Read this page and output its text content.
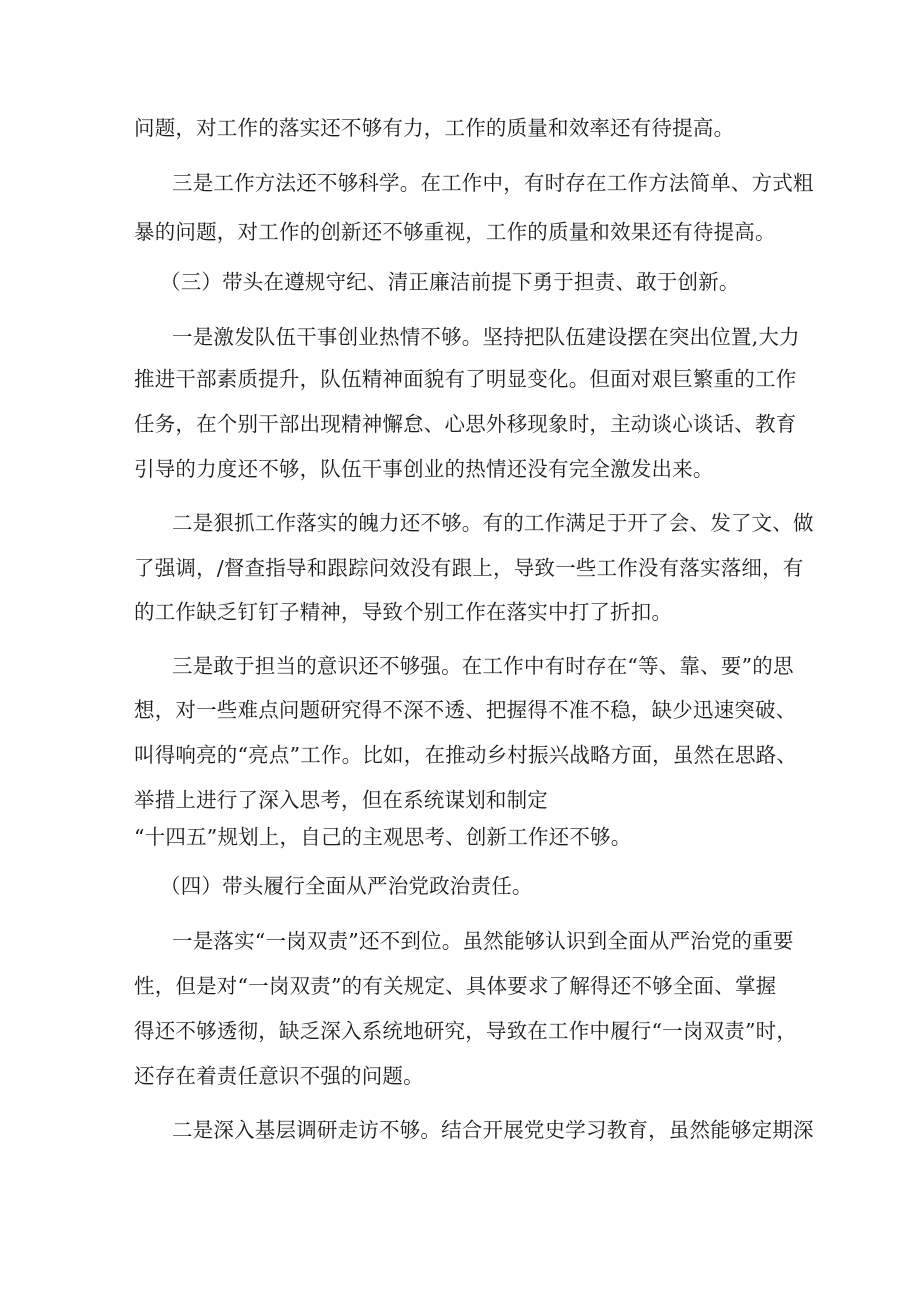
问题，对工作的落实还不够有力，工作的质量和效率还有待提高。
三是工作方法还不够科学。在工作中，有时存在工作方法简单、方式粗
暴的问题，对工作的创新还不够重视，工作的质量和效果还有待提高。
（三）带头在遵规守纪、清正廉洁前提下勇于担责、敢于创新。
一是激发队伍干事创业热情不够。坚持把队伍建设摆在突出位置,大力
推进干部素质提升，队伍精神面貌有了明显变化。但面对艰巨繁重的工作
任务，在个别干部出现精神懈怠、心思外移现象时，主动谈心谈话、教育
引导的力度还不够，队伍干事创业的热情还没有完全激发出来。
二是狠抓工作落实的魄力还不够。有的工作满足于开了会、发了文、做
了强调，/督查指导和跟踪问效没有跟上，导致一些工作没有落实落细，有
的工作缺乏钉钉子精神，导致个别工作在落实中打了折扣。
三是敢于担当的意识还不够强。在工作中有时存在“等、靠、要”的思
想，对一些难点问题研究得不深不透、把握得不准不稳，缺少迅速突破、
叫得响亮的“亮点”工作。比如，在推动乡村振兴战略方面，虽然在思路、
举措上进行了深入思考，但在系统谋划和制定
“十四五”规划上，自己的主观思考、创新工作还不够。
（四）带头履行全面从严治党政治责任。
一是落实“一岗双责”还不到位。虽然能够认识到全面从严治党的重要
性，但是对“一岗双责”的有关规定、具体要求了解得还不够全面、掌握
得还不够透彻，缺乏深入系统地研究，导致在工作中履行“一岗双责”时，
还存在着责任意识不强的问题。
二是深入基层调研走访不够。结合开展党史学习教育，虽然能够定期深
